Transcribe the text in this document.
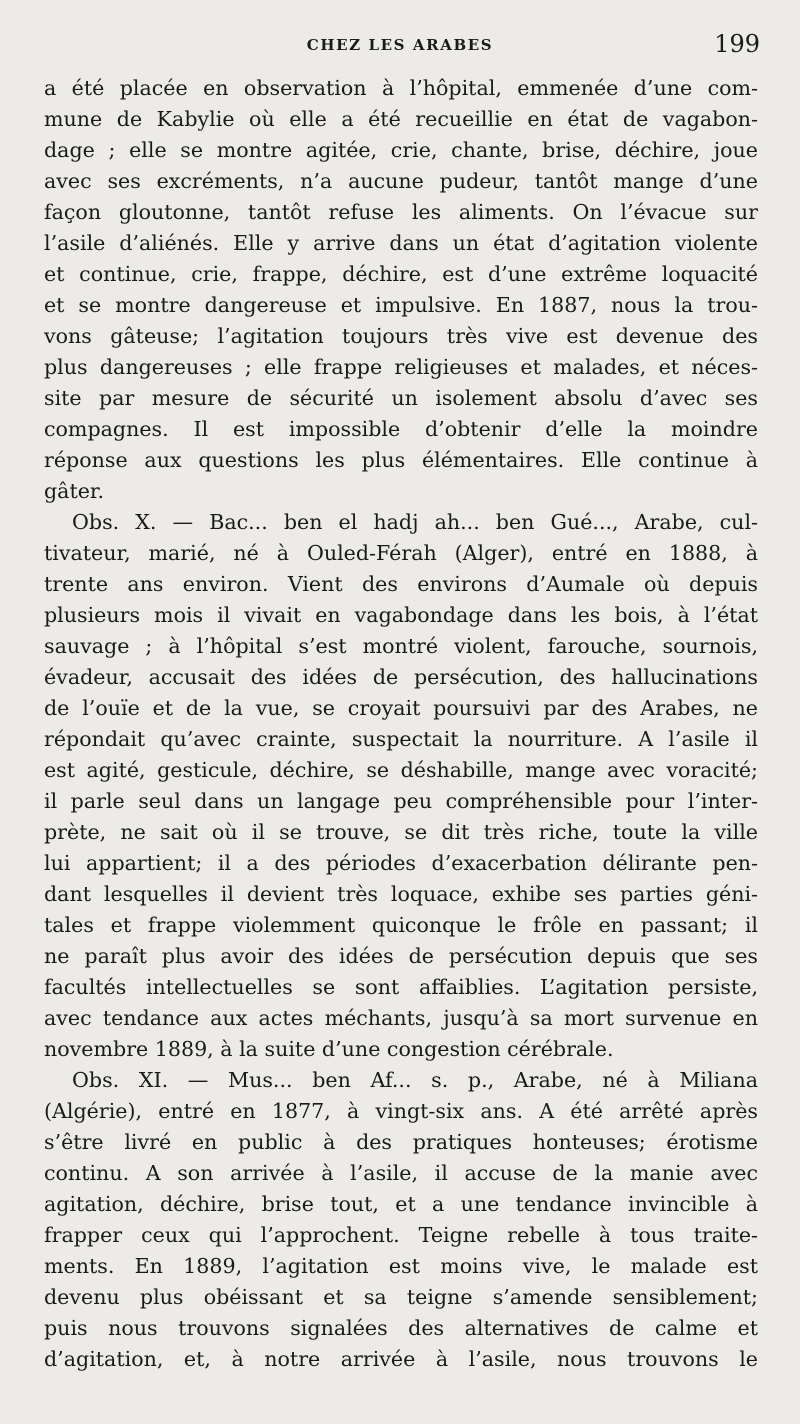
CHEZ LES ARABES	199
a été placée en observation à l’hôpital, emmenée d’une com-
mune de Kabylie où elle a été recueillie en état de vagabon-
dage ; elle se montre agitée, crie, chante, brise, déchire, joue
avec ses excréments, n’a aucune pudeur, tantôt mange d’une
façon gloutonne, tantôt refuse les aliments. On l’évacue sur
l’asile d’aliénés. Elle y arrive dans un état d’agitation violente
et continue, crie, frappe, déchire, est d’une extrême loquacité
et se montre dangereuse et impulsive. En 1887, nous la trou-
vons gâteuse; l’agitation toujours très vive est devenue des
plus dangereuses ; elle frappe religieuses et malades, et néces-
site par mesure de sécurité un isolement absolu d’avec ses
compagnes. Il est impossible d’obtenir d’elle la moindre
réponse aux questions les plus élémentaires. Elle continue à
gâter.
Obs. X. — Bac... ben el hadj ah... ben Gué..., Arabe, cul-
tivateur, marié, né à Ouled-Férah (Alger), entré en 1888, à
trente ans environ. Vient des environs d’Aumale où depuis
plusieurs mois il vivait en vagabondage dans les bois, à l’état
sauvage ; à l’hôpital s’est montré violent, farouche, sournois,
évadeur, accusait des idées de persécution, des hallucinations
de l’ouïe et de la vue, se croyait poursuivi par des Arabes, ne
répondait qu’avec crainte, suspectait la nourriture. A l’asile il
est agité, gesticule, déchire, se déshabille, mange avec voracité;
il parle seul dans un langage peu compréhensible pour l’inter-
prète, ne sait où il se trouve, se dit très riche, toute la ville
lui appartient; il a des périodes d’exacerbation délirante pen-
dant lesquelles il devient très loquace, exhibe ses parties géni-
tales et frappe violemment quiconque le frôle en passant; il
ne paraît plus avoir des idées de persécution depuis que ses
facultés intellectuelles se sont affaiblies. L’agitation persiste,
avec tendance aux actes méchants, jusqu’à sa mort survenue en
novembre 1889, à la suite d’une congestion cérébrale.
Obs. XI. — Mus... ben Af... s. p., Arabe, né à Miliana
(Algérie), entré en 1877, à vingt-six ans. A été arrêté après
s’être livré en public à des pratiques honteuses; érotisme
continu. A son arrivée à l’asile, il accuse de la manie avec
agitation, déchire, brise tout, et a une tendance invincible à
frapper ceux qui l’approchent. Teigne rebelle à tous traite-
ments. En 1889, l’agitation est moins vive, le malade est
devenu plus obéissant et sa teigne s’amende sensiblement;
puis nous trouvons signalées des alternatives de calme et
d’agitation, et, à notre arrivée à l’asile, nous trouvons le
